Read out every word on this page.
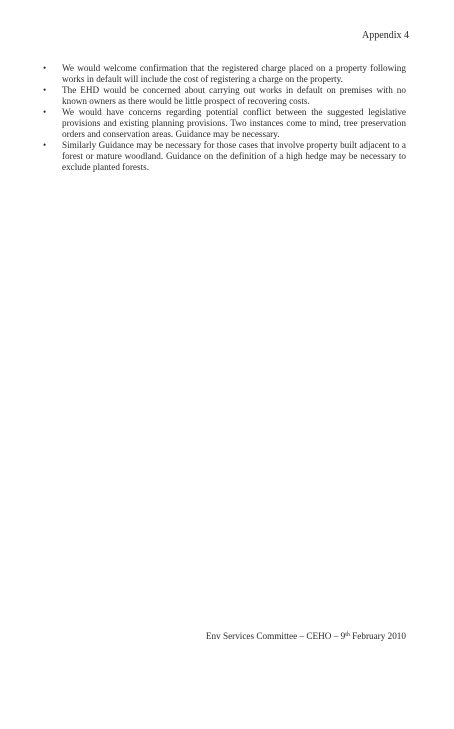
Appendix 4
• We would welcome confirmation that the registered charge placed on a property following works in default will include the cost of registering a charge on the property.
• The EHD would be concerned about carrying out works in default on premises with no known owners as there would be little prospect of recovering costs.
• We would have concerns regarding potential conflict between the suggested legislative provisions and existing planning provisions. Two instances come to mind, tree preservation orders and conservation areas. Guidance may be necessary.
• Similarly Guidance may be necessary for those cases that involve property built adjacent to a forest or mature woodland. Guidance on the definition of a high hedge may be necessary to exclude planted forests.
Env Services Committee – CEHO – 9th February 2010
